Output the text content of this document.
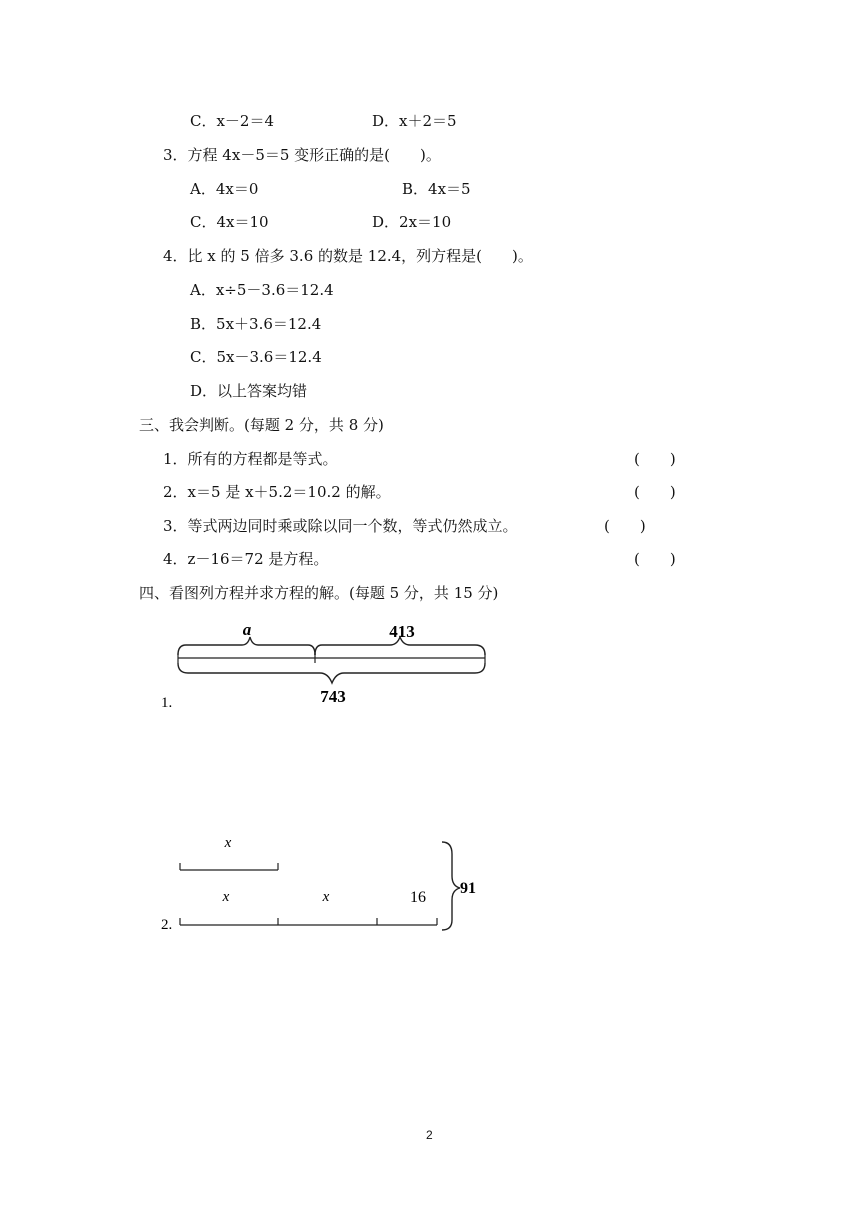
C．x－2＝4	D．x＋2＝5
3．方程 4x－5＝5 变形正确的是(　　)。
A．4x＝0	B．4x＝5
C．4x＝10	D．2x＝10
4．比 x 的 5 倍多 3.6 的数是 12.4，列方程是(　　)。
A．x÷5－3.6＝12.4
B．5x＋3.6＝12.4
C．5x－3.6＝12.4
D．以上答案均错
三、我会判断。(每题 2 分，共 8 分)
1．所有的方程都是等式。	(　　)
2．x＝5 是 x＋5.2＝10.2 的解。	(　　)
3．等式两边同时乘或除以同一个数，等式仍然成立。	(　　)
4．z－16＝72 是方程。	(　　)
四、看图列方程并求方程的解。(每题 5 分，共 15 分)
a	413
743
1.
x
x	x	16
91
2.
2
